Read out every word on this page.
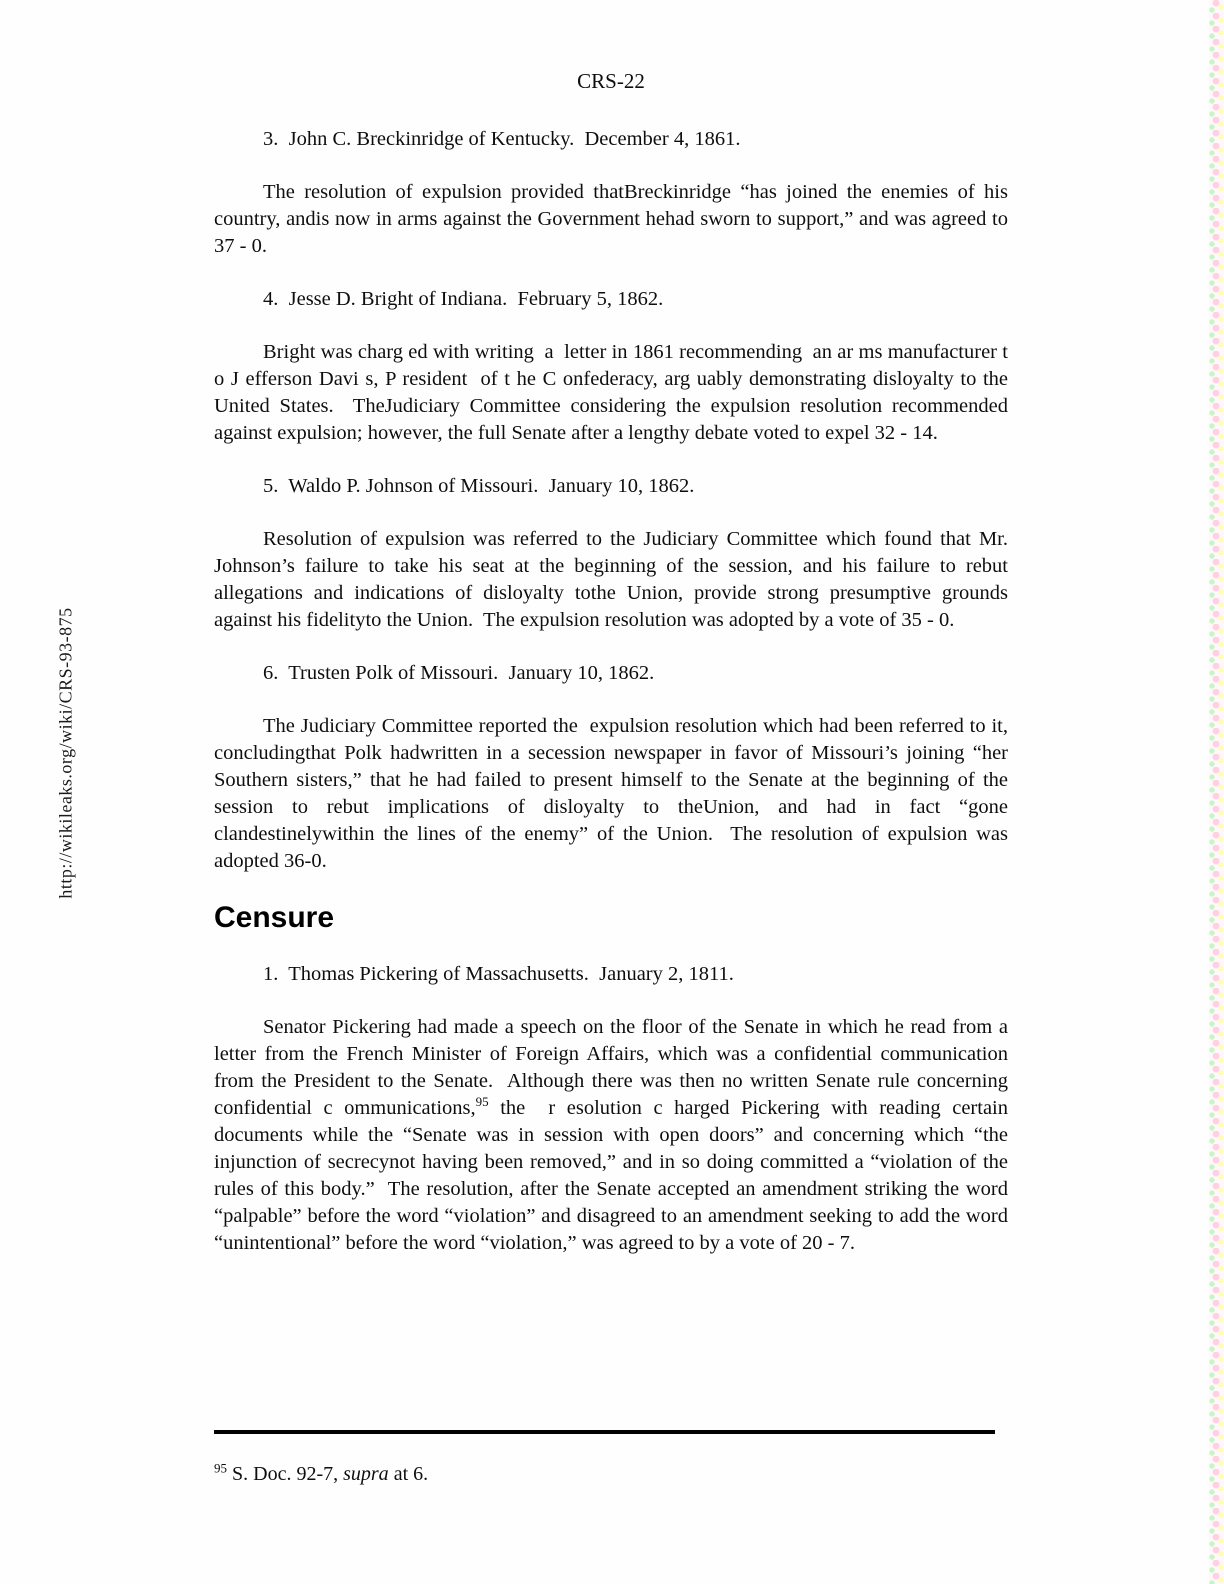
http://wikileaks.org/wiki/CRS-93-875
CRS-22
3.  John C. Breckinridge of Kentucky.  December 4, 1861.

The resolution of expulsion provided thatBreckinridge “has joined the enemies of his country, andis now in arms against the Government hehad sworn to support,” and was agreed to 37 - 0.

4.  Jesse D. Bright of Indiana.  February 5, 1862.

Bright was charg ed with writing  a  letter in 1861 recommending  an ar ms manufacturer t o J efferson Davi s, P resident  of t he C onfederacy, arg uably demonstrating disloyalty to the United States.  TheJudiciary Committee considering the expulsion resolution recommended against expulsion; however, the full Senate after a lengthy debate voted to expel 32 - 14.

5.  Waldo P. Johnson of Missouri.  January 10, 1862.

Resolution of expulsion was referred to the Judiciary Committee which found that Mr. Johnson’s failure to take his seat at the beginning of the session, and his failure to rebut allegations and indications of disloyalty tothe Union, provide strong presumptive grounds against his fidelityto the Union.  The expulsion resolution was adopted by a vote of 35 - 0.

6.  Trusten Polk of Missouri.  January 10, 1862.

The Judiciary Committee reported the  expulsion resolution which had been referred to it, concludingthat Polk hadwritten in a secession newspaper in favor of Missouri’s joining “her Southern sisters,” that he had failed to present himself to the Senate at the beginning of the session to rebut implications of disloyalty to theUnion, and had in fact “gone clandestinelywithin the lines of the enemy” of the Union.  The resolution of expulsion was adopted 36-0.

Censure
1.  Thomas Pickering of Massachusetts.  January 2, 1811.

Senator Pickering had made a speech on the floor of the Senate in which he read from a letter from the French Minister of Foreign Affairs, which was a confidential communication from the President to the Senate.  Although there was then no written Senate rule concerning   confidential c ommunications,$^{95}$ the  r esolution c harged Pickering with reading certain documents while the “Senate was in session with open doors” and concerning which “the injunction of secrecynot having been removed,” and in so doing committed a “violation of the rules of this body.”  The resolution, after the Senate accepted an amendment striking the word “palpable” before the word “violation” and disagreed to an amendment seeking to add the word “unintentional” before the word “violation,” was agreed to by a vote of 20 - 7.

$^{95}$ S. Doc. 92-7, supra at 6.
